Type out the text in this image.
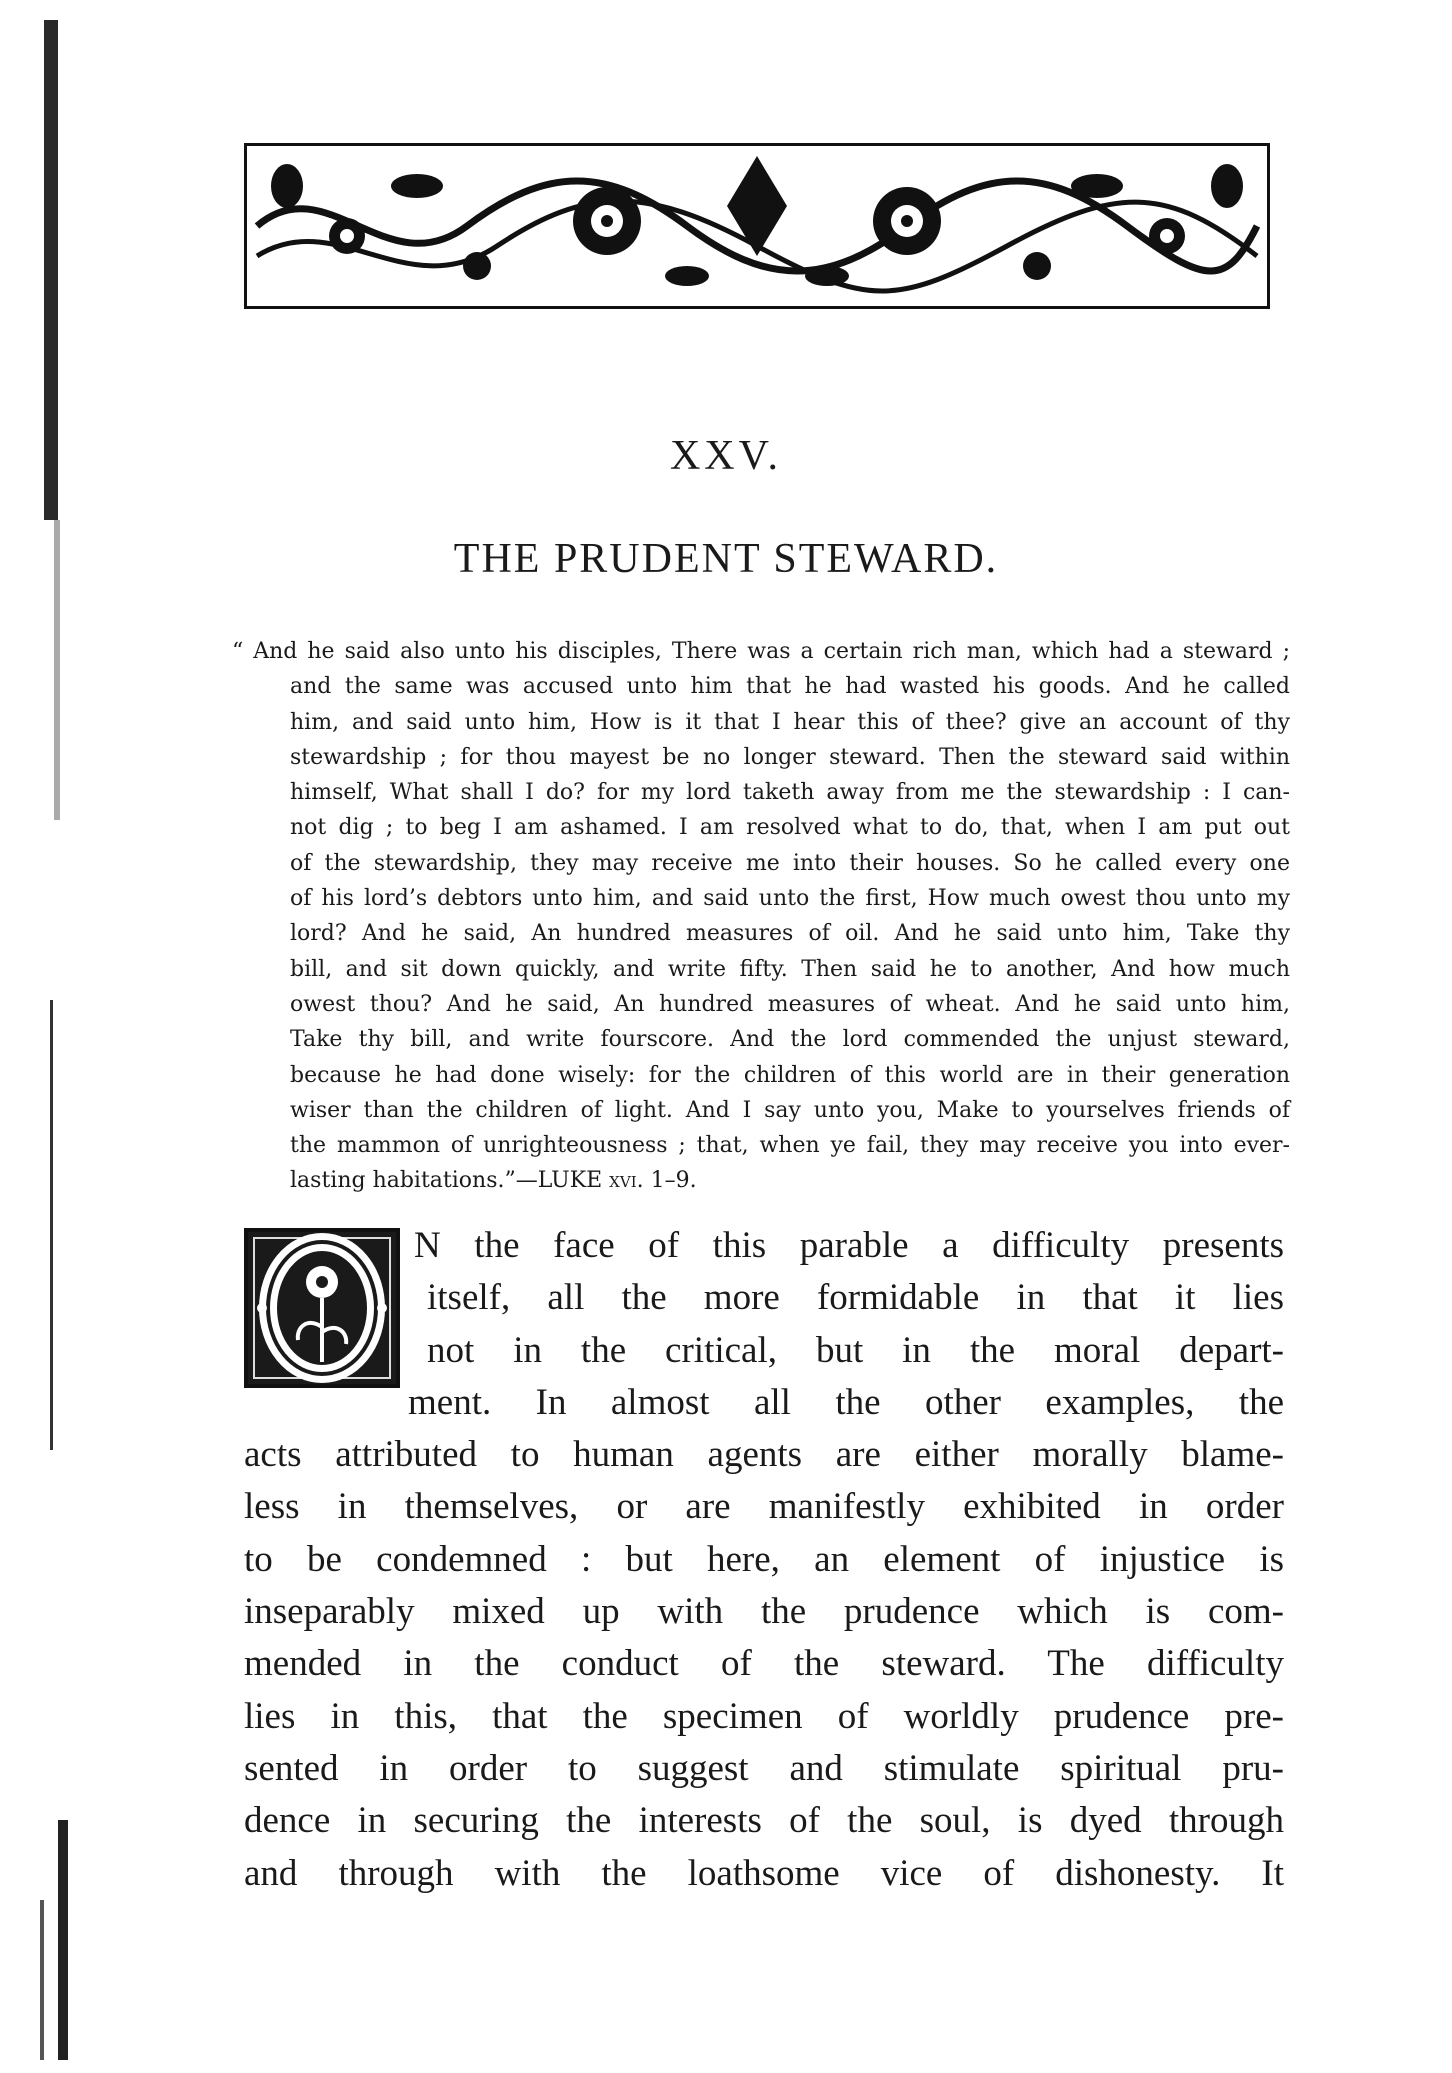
XXV.
THE PRUDENT STEWARD.
“ And he said also unto his disciples, There was a certain rich man, which had a steward ;
and the same was accused unto him that he had wasted his goods. And he called
him, and said unto him, How is it that I hear this of thee? give an account of thy
stewardship ; for thou mayest be no longer steward. Then the steward said within
himself, What shall I do? for my lord taketh away from me the stewardship : I can-
not dig ; to beg I am ashamed. I am resolved what to do, that, when I am put out
of the stewardship, they may receive me into their houses. So he called every one
of his lord’s debtors unto him, and said unto the first, How much owest thou unto my
lord? And he said, An hundred measures of oil. And he said unto him, Take thy
bill, and sit down quickly, and write fifty. Then said he to another, And how much
owest thou? And he said, An hundred measures of wheat. And he said unto him,
Take thy bill, and write fourscore. And the lord commended the unjust steward,
because he had done wisely: for the children of this world are in their generation
wiser than the children of light. And I say unto you, Make to yourselves friends of
the mammon of unrighteousness ; that, when ye fail, they may receive you into ever-
lasting habitations.”—LUKE xvi. 1–9.
N the face of this parable a difficulty presents
itself, all the more formidable in that it lies
not in the critical, but in the moral depart-
ment. In almost all the other examples, the
acts attributed to human agents are either morally blame-
less in themselves, or are manifestly exhibited in order
to be condemned : but here, an element of injustice is
inseparably mixed up with the prudence which is com-
mended in the conduct of the steward. The difficulty
lies in this, that the specimen of worldly prudence pre-
sented in order to suggest and stimulate spiritual pru-
dence in securing the interests of the soul, is dyed through
and through with the loathsome vice of dishonesty. It
